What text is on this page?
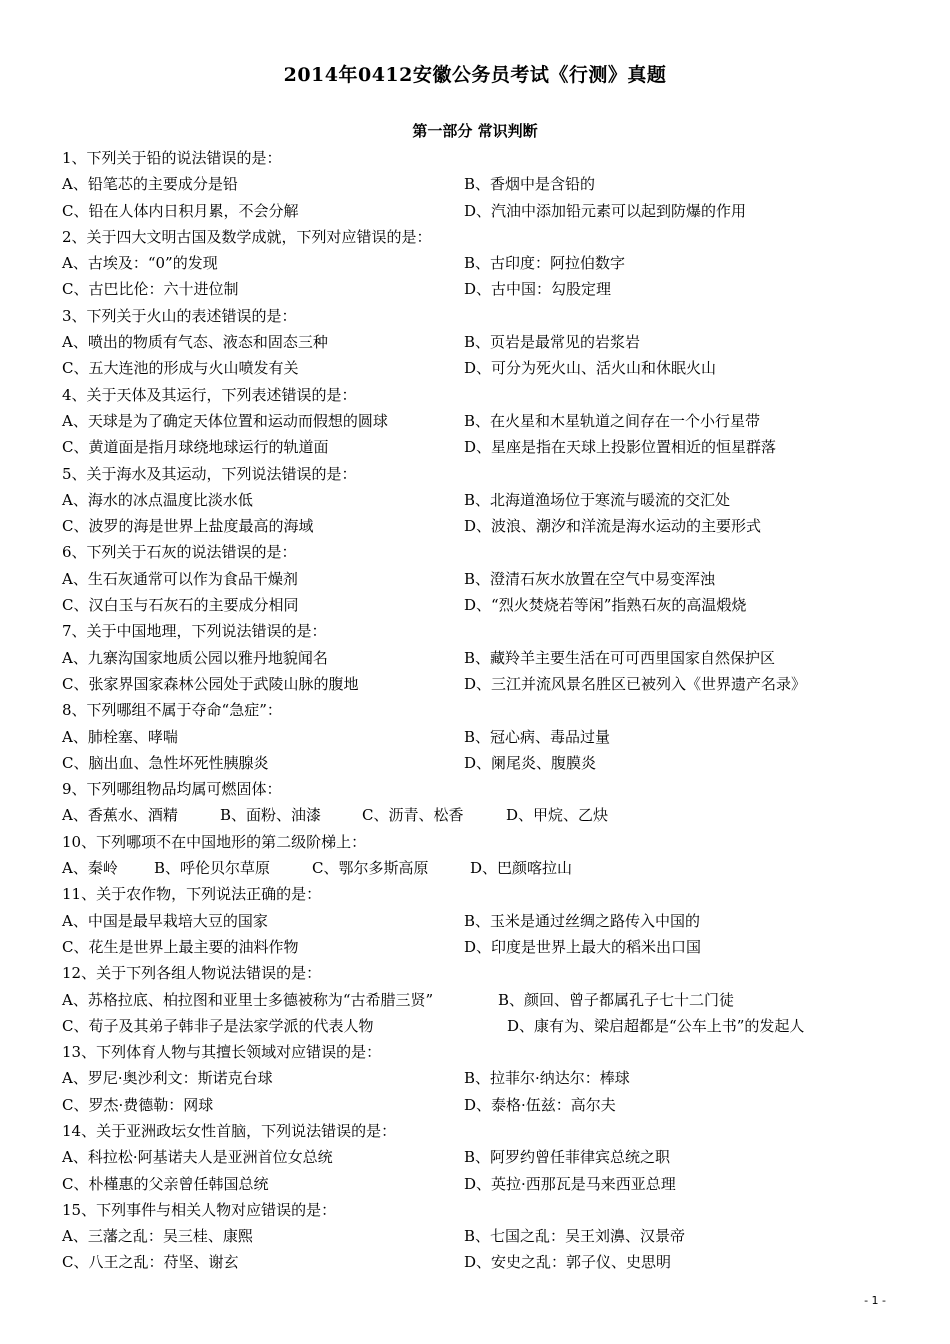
2014年0412安徽公务员考试《行测》真题
第一部分 常识判断
1、下列关于铅的说法错误的是：
A、铅笔芯的主要成分是铅	B、香烟中是含铅的
C、铅在人体内日积月累，不会分解	D、汽油中添加铅元素可以起到防爆的作用
2、关于四大文明古国及数学成就，下列对应错误的是：
A、古埃及：“0”的发现	B、古印度：阿拉伯数字
C、古巴比伦：六十进位制	D、古中国：勾股定理
3、下列关于火山的表述错误的是：
A、喷出的物质有气态、液态和固态三种	B、页岩是最常见的岩浆岩
C、五大连池的形成与火山喷发有关	D、可分为死火山、活火山和休眠火山
4、关于天体及其运行，下列表述错误的是：
A、天球是为了确定天体位置和运动而假想的圆球	B、在火星和木星轨道之间存在一个小行星带
C、黄道面是指月球绕地球运行的轨道面	D、星座是指在天球上投影位置相近的恒星群落
5、关于海水及其运动，下列说法错误的是：
A、海水的冰点温度比淡水低	B、北海道渔场位于寒流与暖流的交汇处
C、波罗的海是世界上盐度最高的海域	D、波浪、潮汐和洋流是海水运动的主要形式
6、下列关于石灰的说法错误的是：
A、生石灰通常可以作为食品干燥剂	B、澄清石灰水放置在空气中易变浑浊
C、汉白玉与石灰石的主要成分相同	D、“烈火焚烧若等闲”指熟石灰的高温煅烧
7、关于中国地理，下列说法错误的是：
A、九寨沟国家地质公园以雅丹地貌闻名	B、藏羚羊主要生活在可可西里国家自然保护区
C、张家界国家森林公园处于武陵山脉的腹地	D、三江并流风景名胜区已被列入《世界遗产名录》
8、下列哪组不属于夺命“急症”：
A、肺栓塞、哮喘	B、冠心病、毒品过量
C、脑出血、急性坏死性胰腺炎	D、阑尾炎、腹膜炎
9、下列哪组物品均属可燃固体：
A、香蕉水、酒精	B、面粉、油漆	C、沥青、松香	D、甲烷、乙炔
10、下列哪项不在中国地形的第二级阶梯上：
A、秦岭 B、呼伦贝尔草原	C、鄂尔多斯高原	D、巴颜喀拉山
11、关于农作物，下列说法正确的是：
A、中国是最早栽培大豆的国家	B、玉米是通过丝绸之路传入中国的
C、花生是世界上最主要的油料作物	D、印度是世界上最大的稻米出口国
12、关于下列各组人物说法错误的是：
A、苏格拉底、柏拉图和亚里士多德被称为“古希腊三贤”	B、颜回、曾子都属孔子七十二门徒
C、荀子及其弟子韩非子是法家学派的代表人物	D、康有为、梁启超都是“公车上书”的发起人
13、下列体育人物与其擅长领域对应错误的是：
A、罗尼·奥沙利文：斯诺克台球	B、拉菲尔·纳达尔：棒球
C、罗杰·费德勒：网球	D、泰格·伍兹：高尔夫
14、关于亚洲政坛女性首脑，下列说法错误的是：
A、科拉松·阿基诺夫人是亚洲首位女总统	B、阿罗约曾任菲律宾总统之职
C、朴槿惠的父亲曾任韩国总统	D、英拉·西那瓦是马来西亚总理
15、下列事件与相关人物对应错误的是：
A、三藩之乱：吴三桂、康熙	B、七国之乱：吴王刘濞、汉景帝
C、八王之乱：苻坚、谢玄	D、安史之乱：郭子仪、史思明
- 1 -
